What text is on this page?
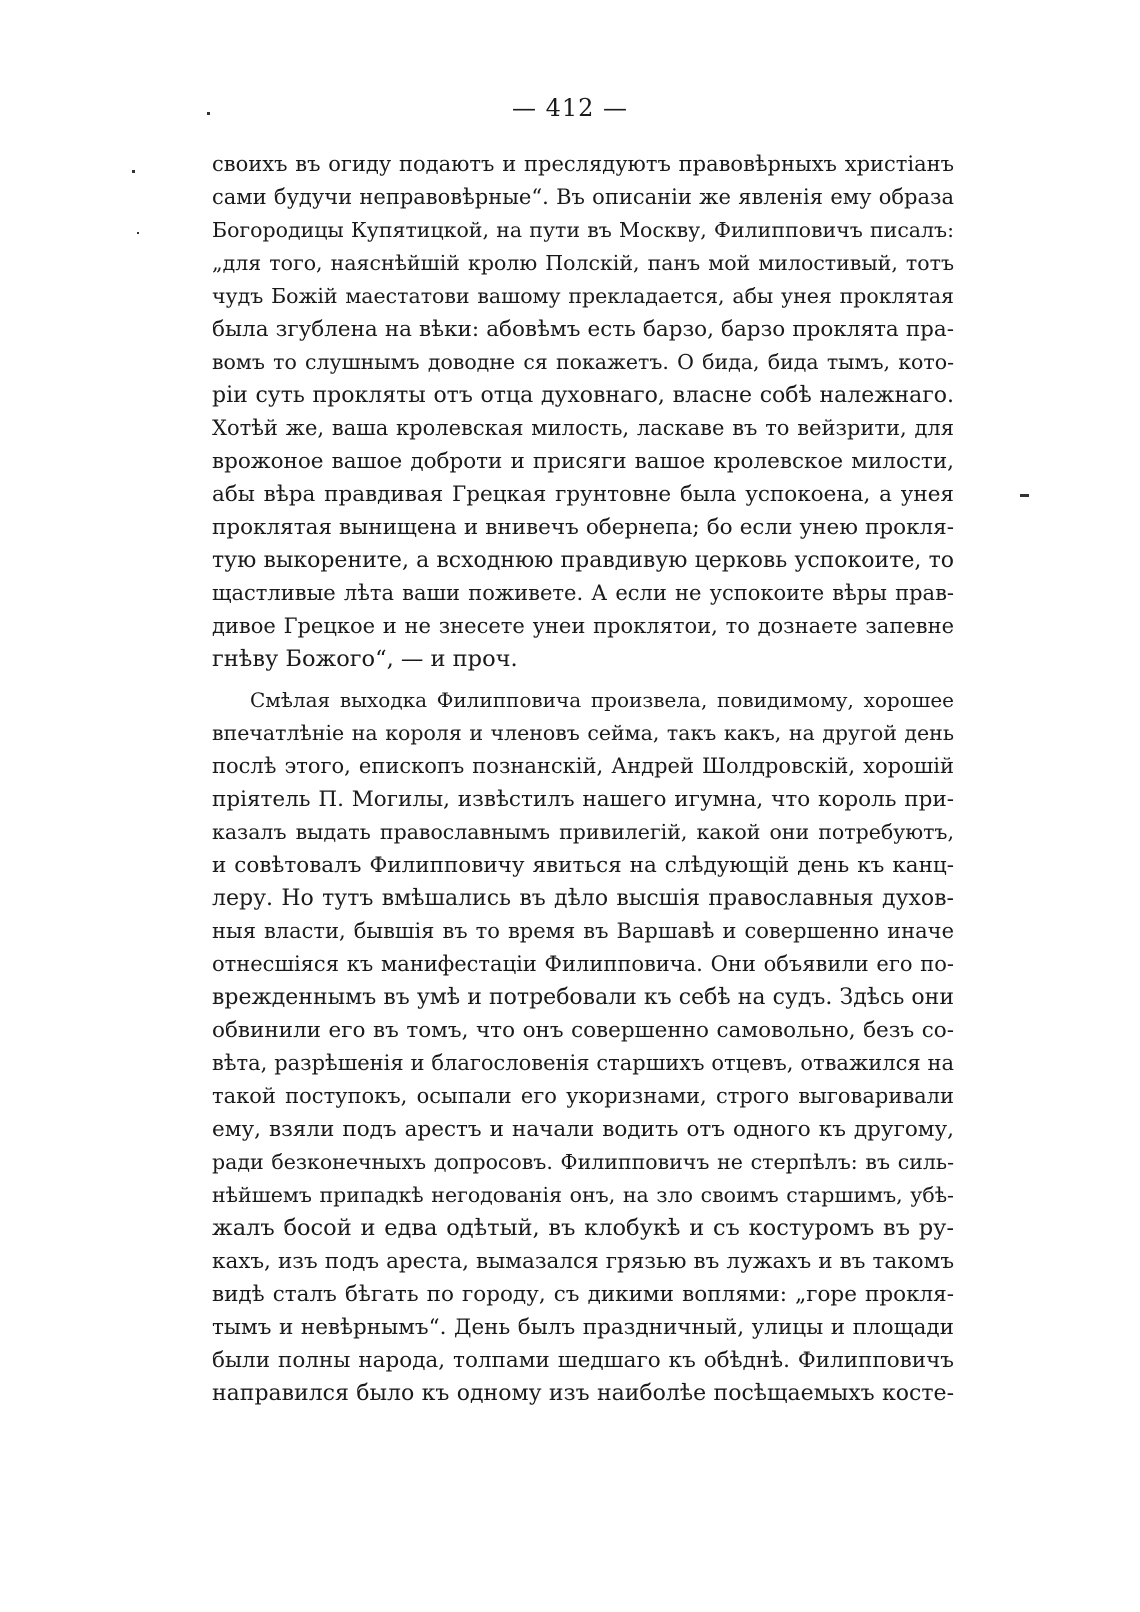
— 412 —
своихъ въ огиду подаютъ и преслядуютъ правовѣрныхъ христіанъ
сами будучи неправовѣрные“. Въ описаніи же явленія ему образа
Богородицы Купятицкой, на пути въ Москву, Филипповичъ писалъ:
„для того, наяснѣйшій кролю Полскій, панъ мой милостивый, тотъ
чудъ Божій маестатови вашому прекладается, абы унея проклятая
была згублена на вѣки: абовѣмъ есть барзо, барзо проклята пра-
вомъ то слушнымъ доводне ся покажетъ. О бида, бида тымъ, кото-
ріи суть прокляты отъ отца духовнаго, власне собѣ належнаго.
Хотѣй же, ваша кролевская милость, ласкаве въ то вейзрити, для
врожоное вашое доброти и присяги вашое кролевское милости,
абы вѣра правдивая Грецкая грунтовне была успокоена, а унея
проклятая вынищена и внивечъ обернепа; бо если унею прокля-
тую выкорените, а всходнюю правдивую церковь успокоите, то
щастливые лѣта ваши поживете. А если не успокоите вѣры прав-
дивое Грецкое и не знесете унеи проклятои, то дознаете запевне
гнѣву Божого“, — и проч.
Смѣлая выходка Филипповича произвела, повидимому, хорошее
впечатлѣніе на короля и членовъ сейма, такъ какъ, на другой день
послѣ этого, епископъ познанскій, Андрей Шолдровскій, хорошій
пріятель П. Могилы, извѣстилъ нашего игумна, что король при-
казалъ выдать православнымъ привилегій, какой они потребуютъ,
и совѣтовалъ Филипповичу явиться на слѣдующій день къ канц-
леру. Но тутъ вмѣшались въ дѣло высшія православныя духов-
ныя власти, бывшія въ то время въ Варшавѣ и совершенно иначе
отнесшіяся къ манифестаціи Филипповича. Они объявили его по-
врежденнымъ въ умѣ и потребовали къ себѣ на судъ. Здѣсь они
обвинили его въ томъ, что онъ совершенно самовольно, безъ со-
вѣта, разрѣшенія и благословенія старшихъ отцевъ, отважился на
такой поступокъ, осыпали его укоризнами, строго выговаривали
ему, взяли подъ арестъ и начали водить отъ одного къ другому,
ради безконечныхъ допросовъ. Филипповичъ не стерпѣлъ: въ силь-
нѣйшемъ припадкѣ негодованія онъ, на зло своимъ старшимъ, убѣ-
жалъ босой и едва одѣтый, въ клобукѣ и съ костуромъ въ ру-
кахъ, изъ подъ ареста, вымазался грязью въ лужахъ и въ такомъ
видѣ сталъ бѣгать по городу, съ дикими воплями: „горе прокля-
тымъ и невѣрнымъ“. День былъ праздничный, улицы и площади
были полны народа, толпами шедшаго къ обѣднѣ. Филипповичъ
направился было къ одному изъ наиболѣе посѣщаемыхъ косте-
